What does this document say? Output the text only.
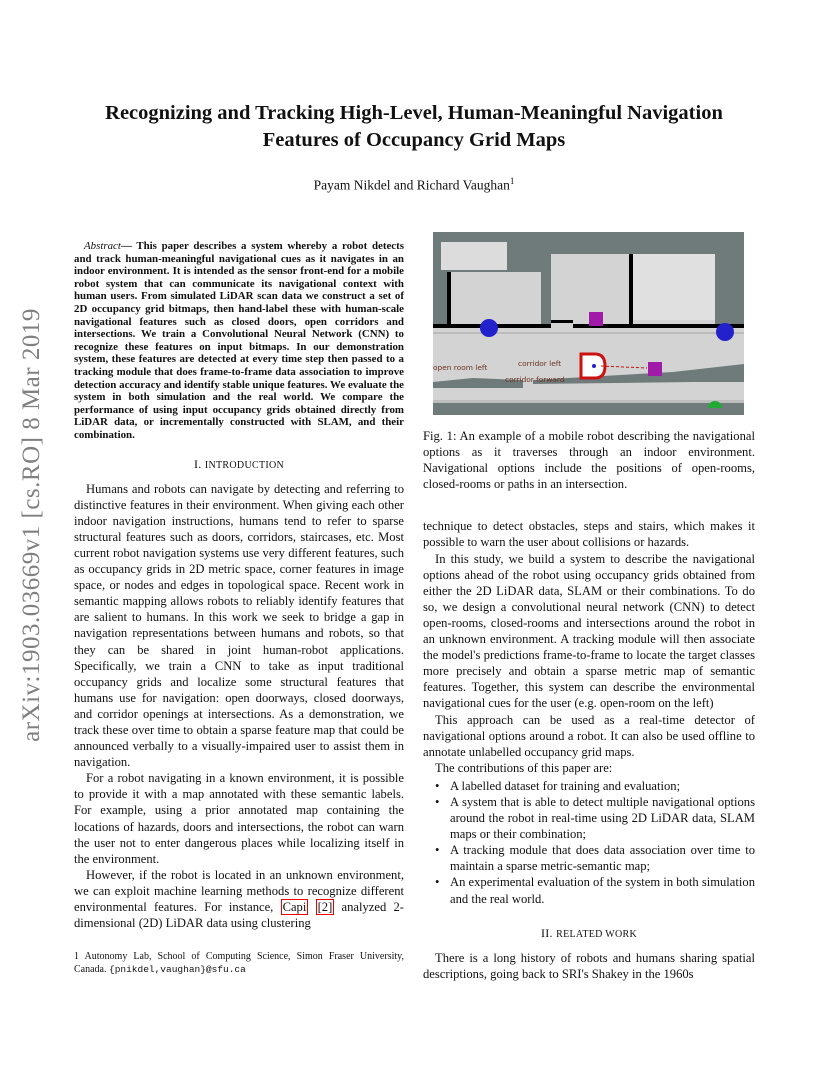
arXiv:1903.03669v1 [cs.RO] 8 Mar 2019
Recognizing and Tracking High-Level, Human-Meaningful Navigation Features of Occupancy Grid Maps
Payam Nikdel and Richard Vaughan$^1$

Abstract— This paper describes a system whereby a robot detects and track human-meaningful navigational cues as it navigates in an indoor environment. It is intended as the sensor front-end for a mobile robot system that can communicate its navigational context with human users. From simulated LiDAR scan data we construct a set of 2D occupancy grid bitmaps, then hand-label these with human-scale navigational features such as closed doors, open corridors and intersections. We train a Convolutional Neural Network (CNN) to recognize these features on input bitmaps. In our demonstration system, these features are detected at every time step then passed to a tracking module that does frame-to-frame data association to improve detection accuracy and identify stable unique features. We evaluate the system in both simulation and the real world. We compare the performance of using input occupancy grids obtained directly from LiDAR data, or incrementally constructed with SLAM, and their combination.

I. INTRODUCTION

Humans and robots can navigate by detecting and referring to distinctive features in their environment. When giving each other indoor navigation instructions, humans tend to refer to sparse structural features such as doors, corridors, staircases, etc. Most current robot navigation systems use very different features, such as occupancy grids in 2D metric space, corner features in image space, or nodes and edges in topological space. Recent work in semantic mapping allows robots to reliably identify features that are salient to humans. In this work we seek to bridge a gap in navigation representations between humans and robots, so that they can be shared in joint human-robot applications. Specifically, we train a CNN to take as input traditional occupancy grids and localize some structural features that humans use for navigation: open doorways, closed doorways, and corridor openings at intersections. As a demonstration, we track these over time to obtain a sparse feature map that could be announced verbally to a visually-impaired user to assist them in navigation.

For a robot navigating in a known environment, it is possible to provide it with a map annotated with these semantic labels. For example, using a prior annotated map containing the locations of hazards, doors and intersections, the robot can warn the user not to enter dangerous places while localizing itself in the environment.

However, if the robot is located in an unknown environment, we can exploit machine learning methods to recognize different environmental features. For instance, Capi [2] analyzed 2-dimensional (2D) LiDAR data using clustering

1 Autonomy Lab, School of Computing Science, Simon Fraser University, Canada. {pnikdel,vaughan}@sfu.ca

open room left	corridor left
corridor forward

Fig. 1: An example of a mobile robot describing the navigational options as it traverses through an indoor environment. Navigational options include the positions of open-rooms, closed-rooms or paths in an intersection.

technique to detect obstacles, steps and stairs, which makes it possible to warn the user about collisions or hazards.

In this study, we build a system to describe the navigational options ahead of the robot using occupancy grids obtained from either the 2D LiDAR data, SLAM or their combinations. To do so, we design a convolutional neural network (CNN) to detect open-rooms, closed-rooms and intersections around the robot in an unknown environment. A tracking module will then associate the model's predictions frame-to-frame to locate the target classes more precisely and obtain a sparse metric map of semantic features. Together, this system can describe the environmental navigational cues for the user (e.g. open-room on the left)

This approach can be used as a real-time detector of navigational options around a robot. It can also be used offline to annotate unlabelled occupancy grid maps.

The contributions of this paper are:

• A labelled dataset for training and evaluation;
• A system that is able to detect multiple navigational options around the robot in real-time using 2D LiDAR data, SLAM maps or their combination;
• A tracking module that does data association over time to maintain a sparse metric-semantic map;
• An experimental evaluation of the system in both simulation and the real world.
II. RELATED WORK

There is a long history of robots and humans sharing spatial descriptions, going back to SRI's Shakey in the 1960s
